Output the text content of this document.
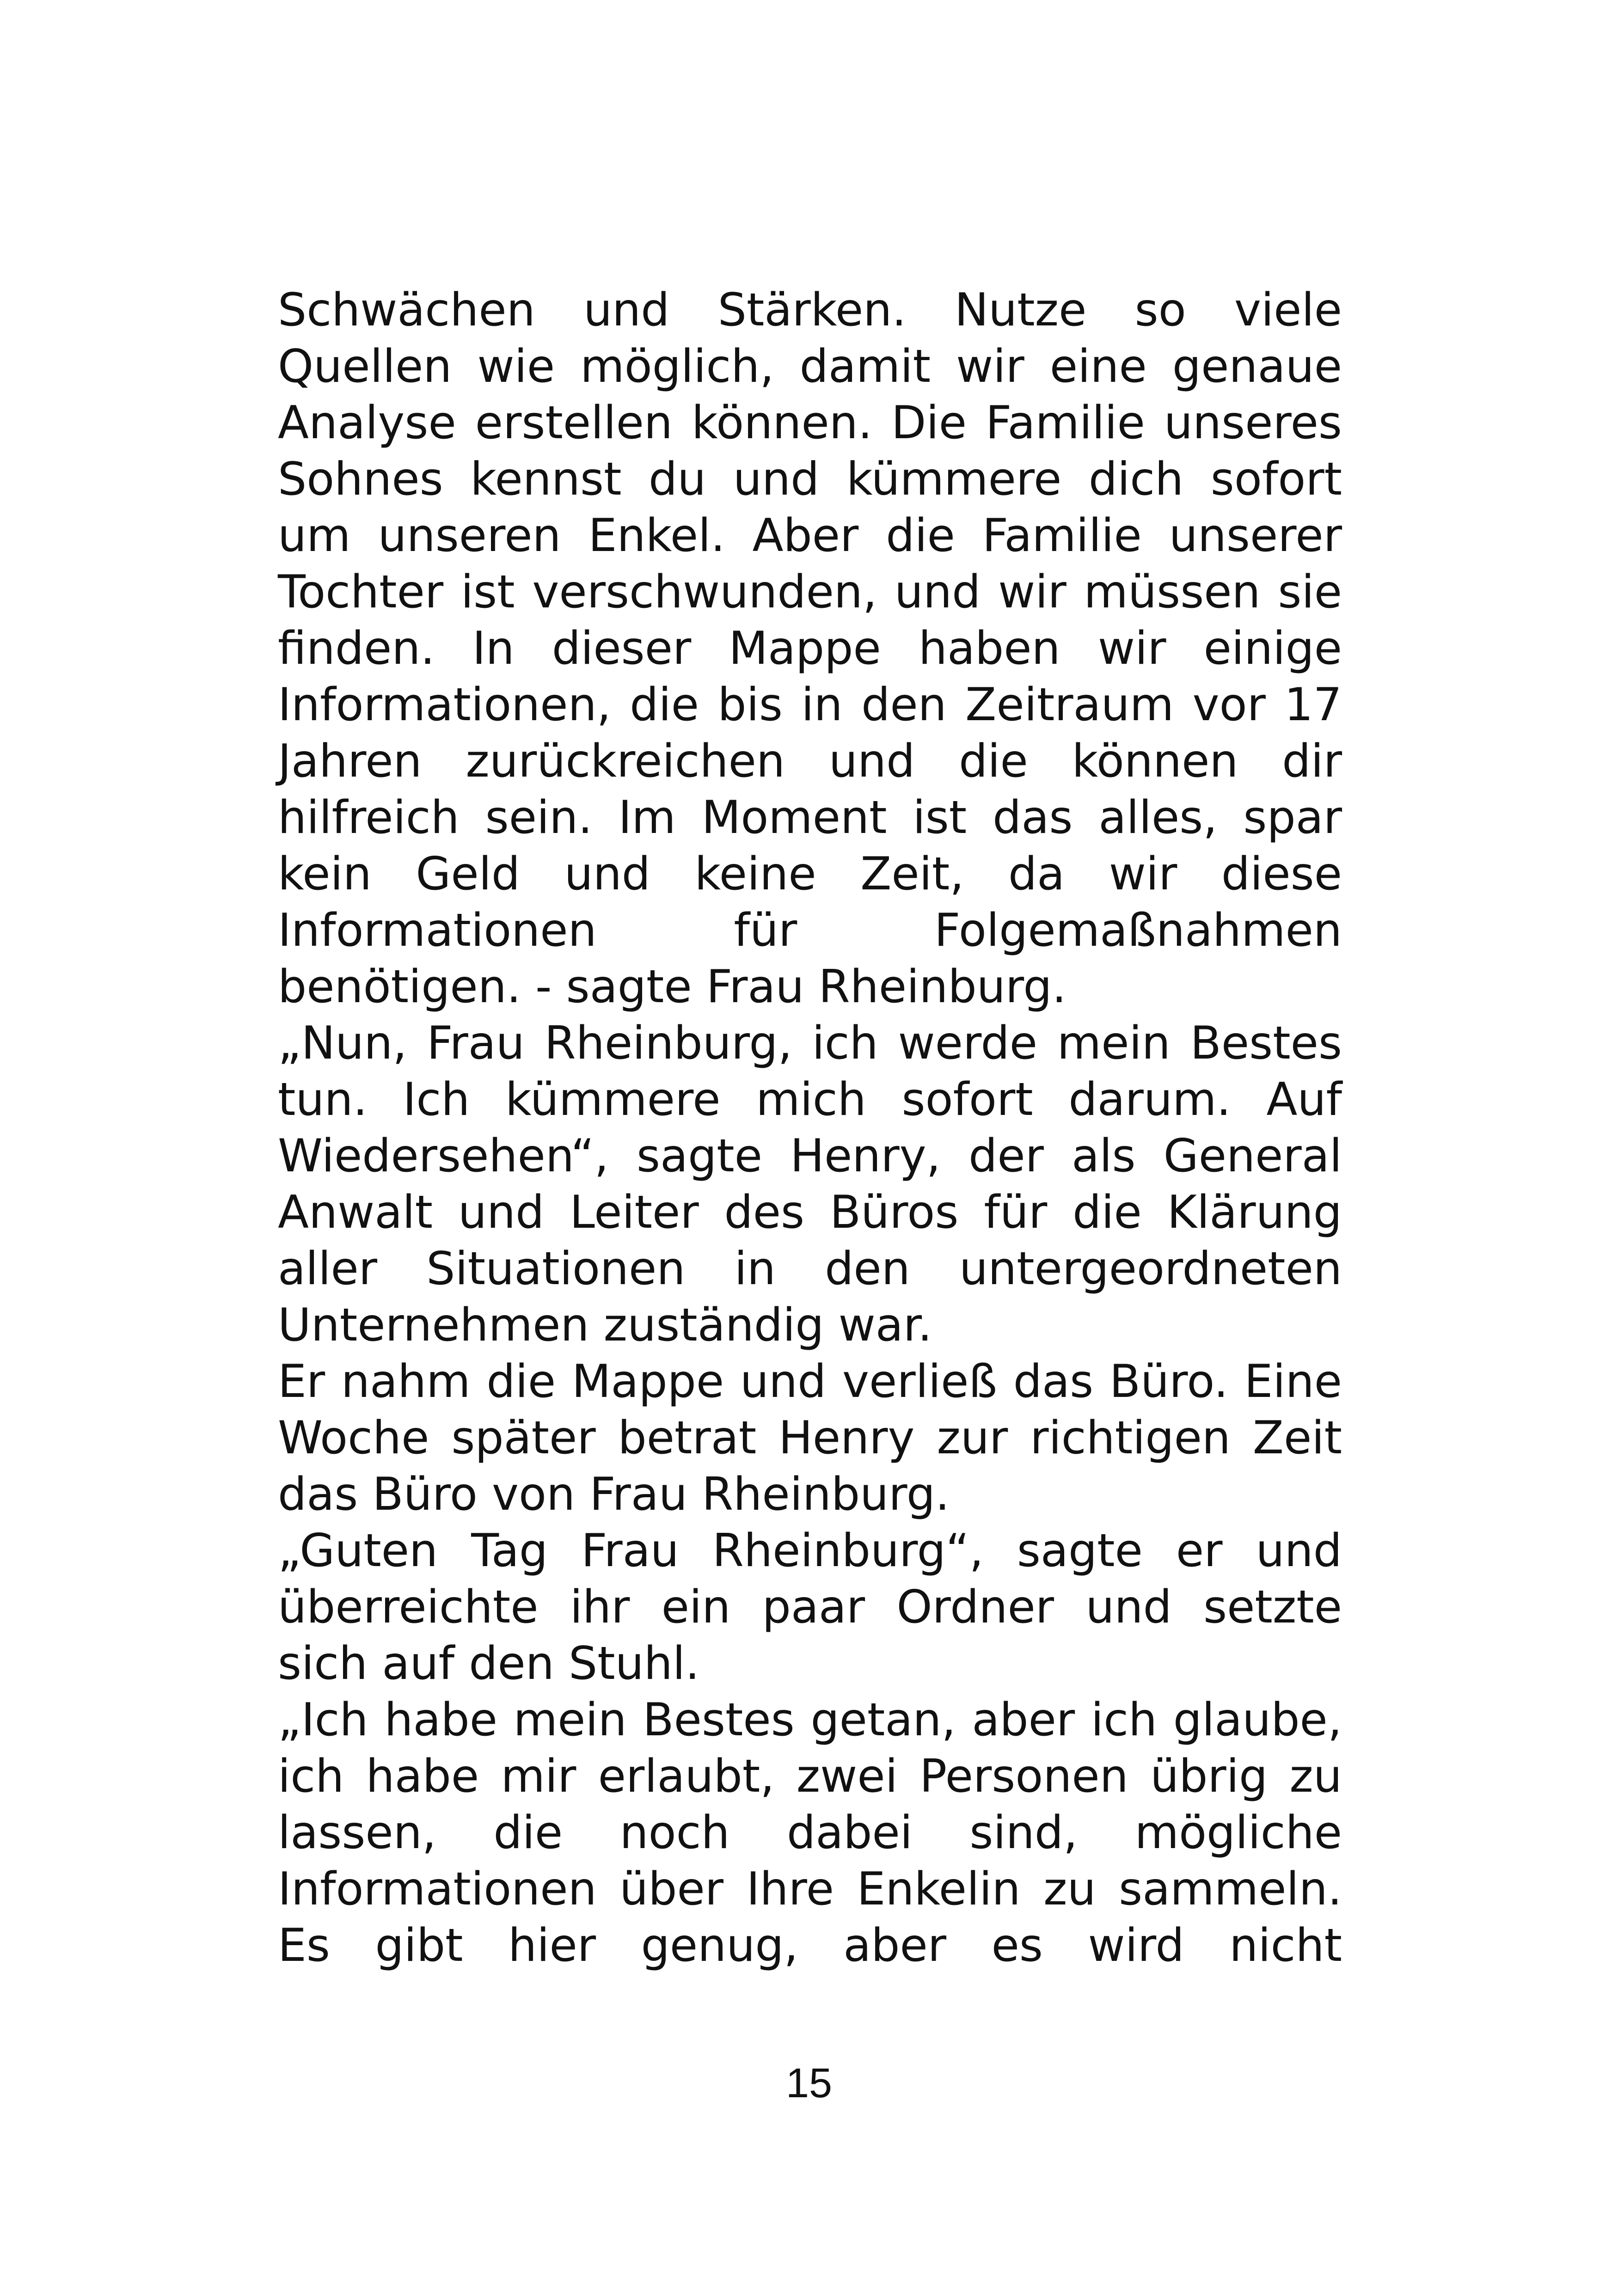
Schwächen und Stärken. Nutze so viele
Quellen wie möglich, damit wir eine genaue
Analyse erstellen können. Die Familie unseres
Sohnes kennst du und kümmere dich sofort
um unseren Enkel. Aber die Familie unserer
Tochter ist verschwunden, und wir müssen sie
finden. In dieser Mappe haben wir einige
Informationen, die bis in den Zeitraum vor 17
Jahren zurückreichen und die können dir
hilfreich sein. Im Moment ist das alles, spar
kein Geld und keine Zeit, da wir diese
Informationen für Folgemaßnahmen
benötigen. - sagte Frau Rheinburg.
„Nun, Frau Rheinburg, ich werde mein Bestes
tun. Ich kümmere mich sofort darum. Auf
Wiedersehen“, sagte Henry, der als General
Anwalt und Leiter des Büros für die Klärung
aller Situationen in den untergeordneten
Unternehmen zuständig war.
Er nahm die Mappe und verließ das Büro. Eine
Woche später betrat Henry zur richtigen Zeit
das Büro von Frau Rheinburg.
„Guten Tag Frau Rheinburg“, sagte er und
überreichte ihr ein paar Ordner und setzte
sich auf den Stuhl.
„Ich habe mein Bestes getan, aber ich glaube,
ich habe mir erlaubt, zwei Personen übrig zu
lassen, die noch dabei sind, mögliche
Informationen über Ihre Enkelin zu sammeln.
Es gibt hier genug, aber es wird nicht
15
